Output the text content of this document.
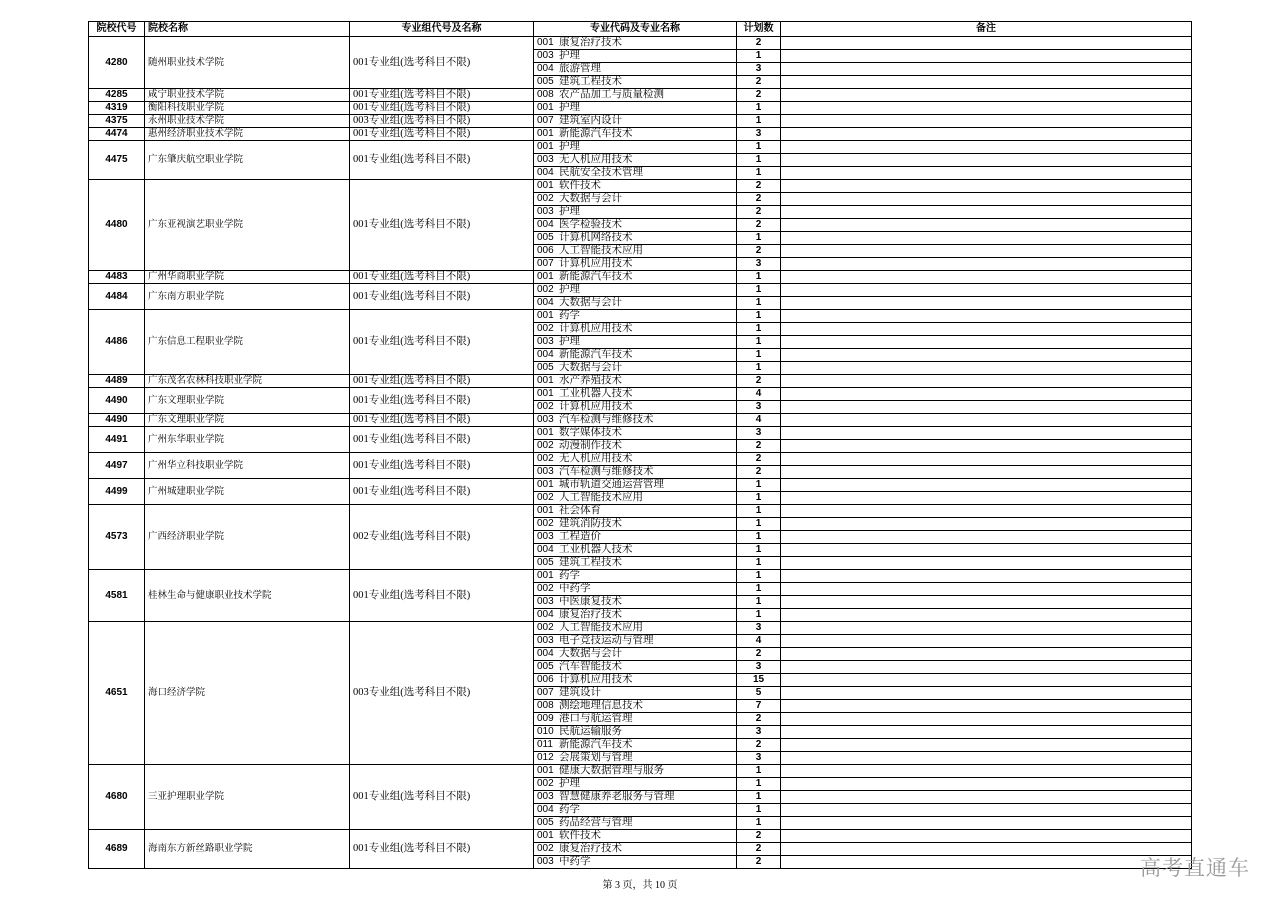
院校代号	院校名称	专业组代号及名称	专业代码及专业名称	计划数	备注
4280	随州职业技术学院	001专业组(选考科目不限)	001 康复治疗技术	2	
			003 护理	1	
			004 旅游管理	3	
			005 建筑工程技术	2	
4285	咸宁职业技术学院	001专业组(选考科目不限)	008 农产品加工与质量检测	2	
4319	衡阳科技职业学院	001专业组(选考科目不限)	001 护理	1	
4375	永州职业技术学院	003专业组(选考科目不限)	007 建筑室内设计	1	
4474	惠州经济职业技术学院	001专业组(选考科目不限)	001 新能源汽车技术	3	
4475	广东肇庆航空职业学院	001专业组(选考科目不限)	001 护理	1	
			003 无人机应用技术	1	
			004 民航安全技术管理	1	
4480	广东亚视演艺职业学院	001专业组(选考科目不限)	001 软件技术	2	
			002 大数据与会计	2	
			003 护理	2	
			004 医学检验技术	2	
			005 计算机网络技术	1	
			006 人工智能技术应用	2	
			007 计算机应用技术	3	
4483	广州华商职业学院	001专业组(选考科目不限)	001 新能源汽车技术	1	
4484	广东南方职业学院	001专业组(选考科目不限)	002 护理	1	
			004 大数据与会计	1	
4486	广东信息工程职业学院	001专业组(选考科目不限)	001 药学	1	
			002 计算机应用技术	1	
			003 护理	1	
			004 新能源汽车技术	1	
			005 大数据与会计	1	
4489	广东茂名农林科技职业学院	001专业组(选考科目不限)	001 水产养殖技术	2	
4490	广东文理职业学院	001专业组(选考科目不限)	001 工业机器人技术	4	
			002 计算机应用技术	3	
4490	广东文理职业学院	001专业组(选考科目不限)	003 汽车检测与维修技术	4	
4491	广州东华职业学院	001专业组(选考科目不限)	001 数字媒体技术	3	
			002 动漫制作技术	2	
4497	广州华立科技职业学院	001专业组(选考科目不限)	002 无人机应用技术	2	
			003 汽车检测与维修技术	2	
4499	广州城建职业学院	001专业组(选考科目不限)	001 城市轨道交通运营管理	1	
			002 人工智能技术应用	1	
4573	广西经济职业学院	002专业组(选考科目不限)	001 社会体育	1	
			002 建筑消防技术	1	
			003 工程造价	1	
			004 工业机器人技术	1	
			005 建筑工程技术	1	
4581	桂林生命与健康职业技术学院	001专业组(选考科目不限)	001 药学	1	
			002 中药学	1	
			003 中医康复技术	1	
			004 康复治疗技术	1	
4651	海口经济学院	003专业组(选考科目不限)	002 人工智能技术应用	3	
			003 电子竞技运动与管理	4	
			004 大数据与会计	2	
			005 汽车智能技术	3	
			006 计算机应用技术	15	
			007 建筑设计	5	
			008 测绘地理信息技术	7	
			009 港口与航运管理	2	
			010 民航运输服务	3	
			011 新能源汽车技术	2	
			012 会展策划与管理	3	
4680	三亚护理职业学院	001专业组(选考科目不限)	001 健康大数据管理与服务	1	
			002 护理	1	
			003 智慧健康养老服务与管理	1	
			004 药学	1	
			005 药品经营与管理	1	
4689	海南东方新丝路职业学院	001专业组(选考科目不限)	001 软件技术	2	
			002 康复治疗技术	2	
			003 中药学	2	
第 3 页，共 10 页
高考直通车
